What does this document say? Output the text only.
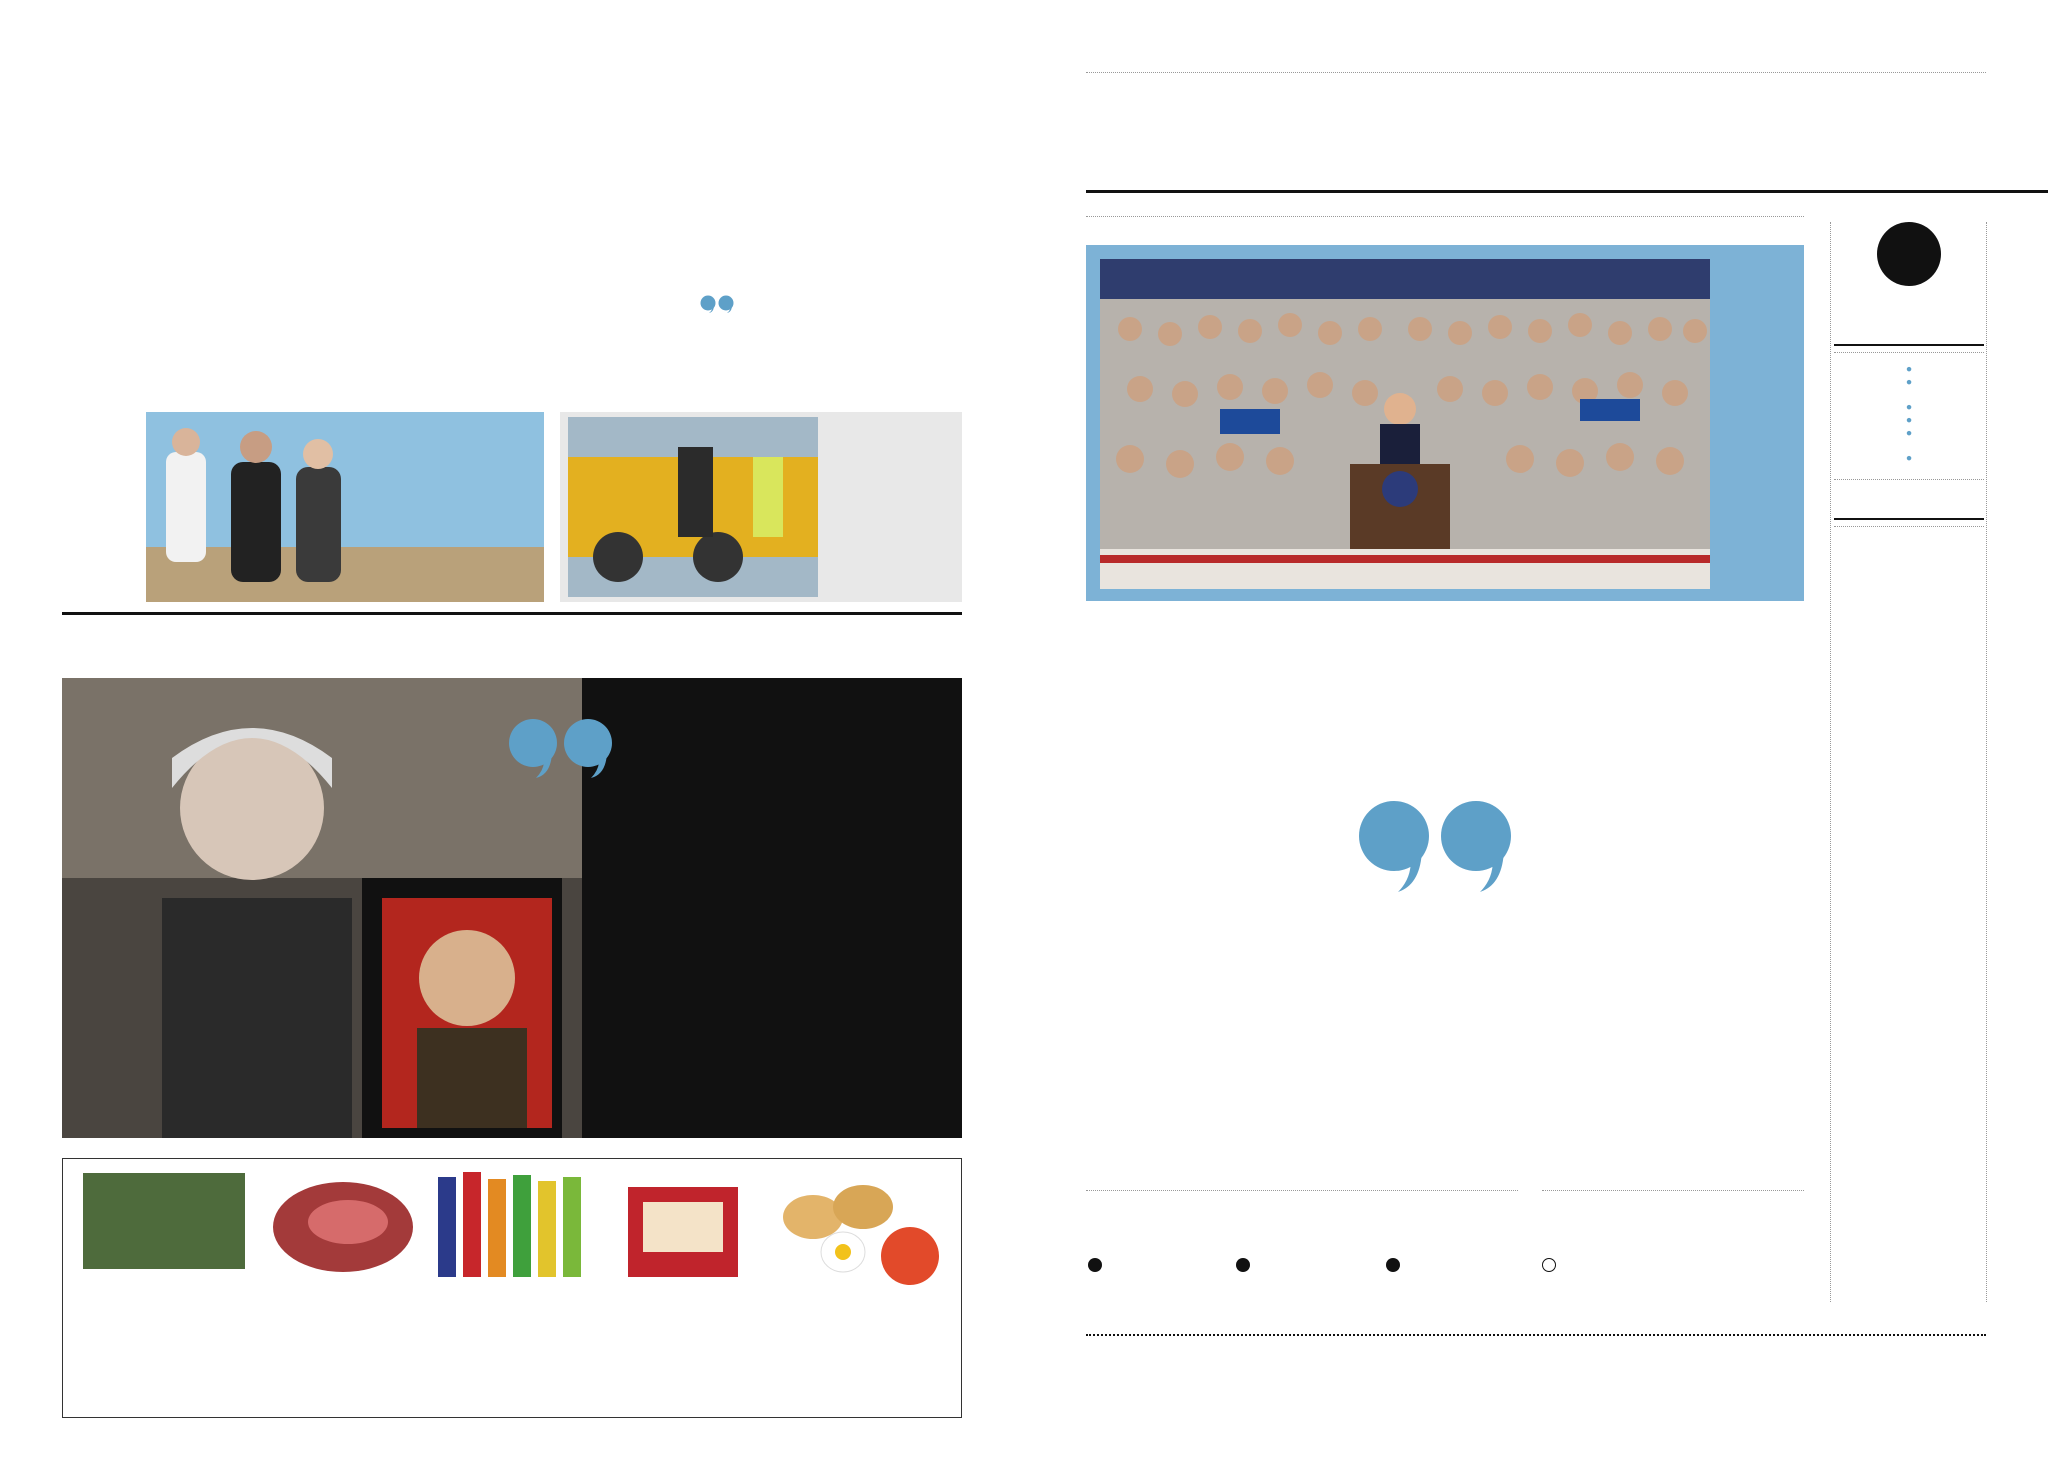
●
●
●
●
●
●
